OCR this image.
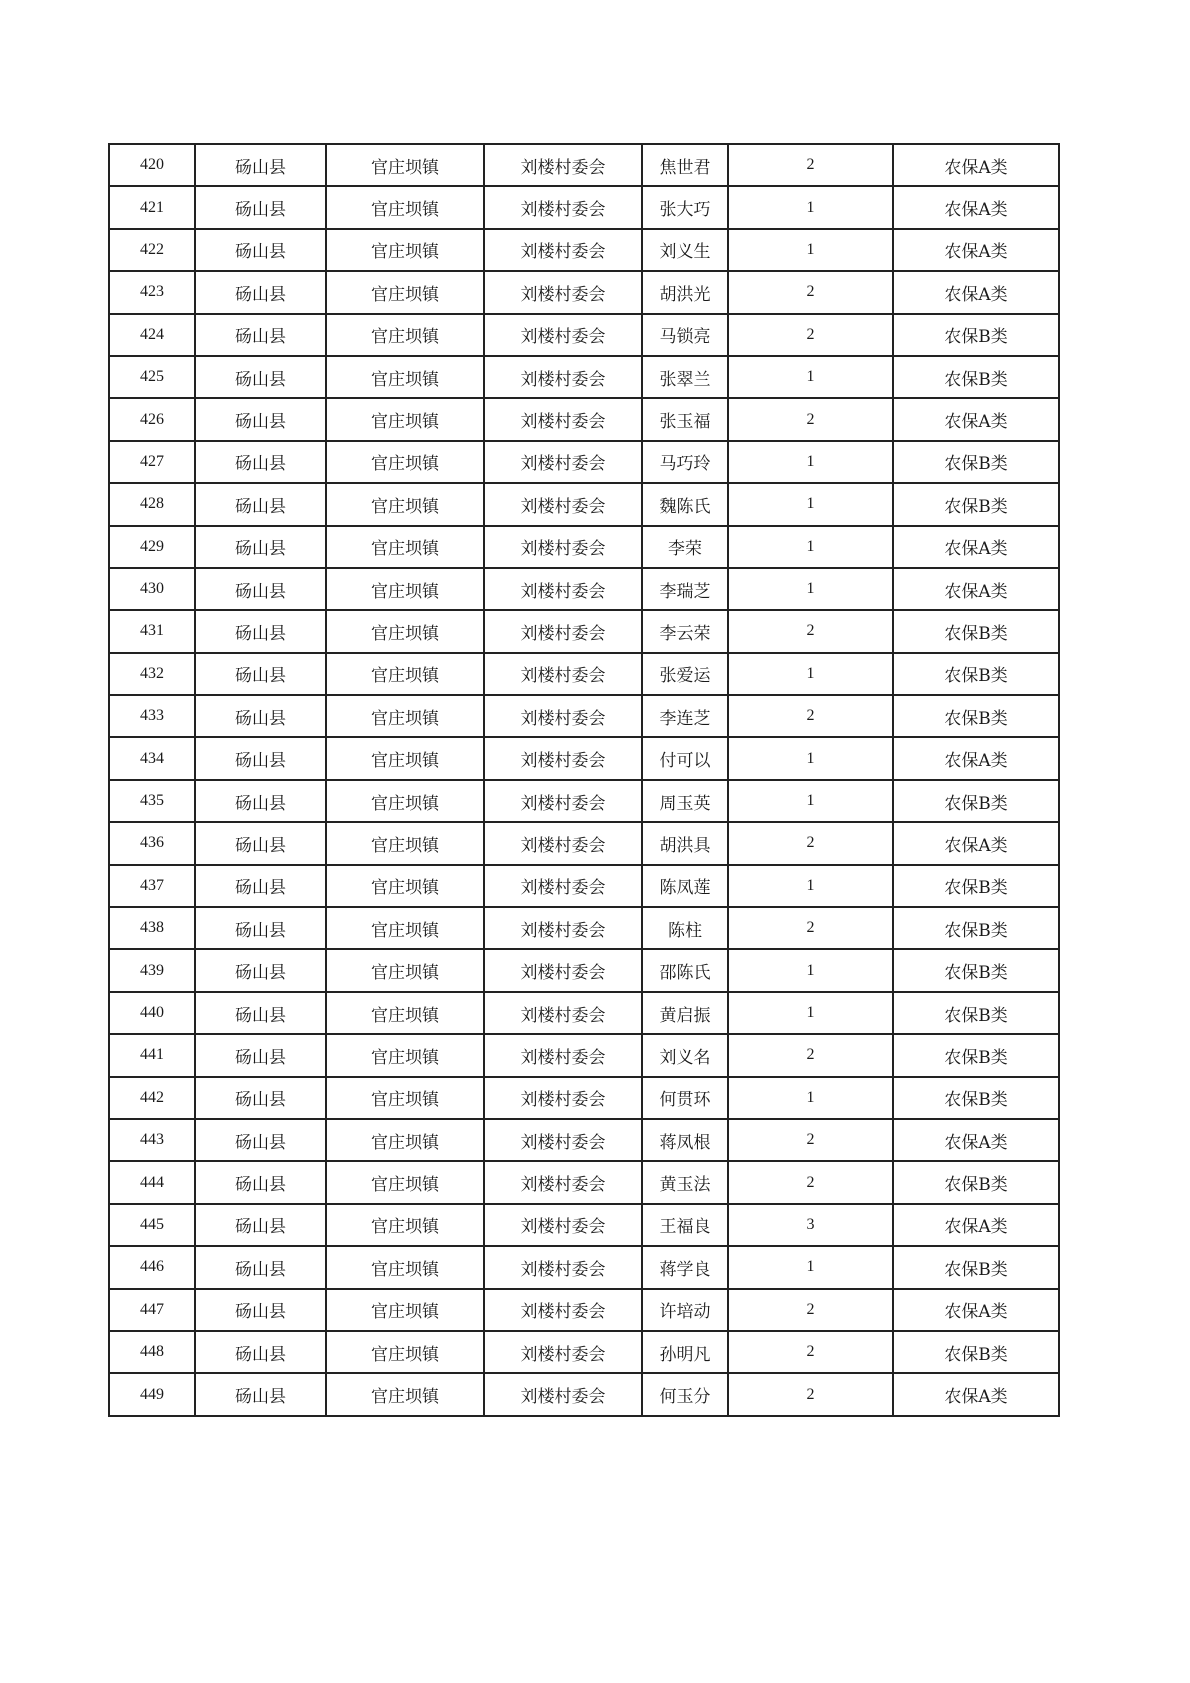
420	砀山县	官庄坝镇	刘楼村委会	焦世君	2	农保A类
421	砀山县	官庄坝镇	刘楼村委会	张大巧	1	农保A类
422	砀山县	官庄坝镇	刘楼村委会	刘义生	1	农保A类
423	砀山县	官庄坝镇	刘楼村委会	胡洪光	2	农保A类
424	砀山县	官庄坝镇	刘楼村委会	马锁亮	2	农保B类
425	砀山县	官庄坝镇	刘楼村委会	张翠兰	1	农保B类
426	砀山县	官庄坝镇	刘楼村委会	张玉福	2	农保A类
427	砀山县	官庄坝镇	刘楼村委会	马巧玲	1	农保B类
428	砀山县	官庄坝镇	刘楼村委会	魏陈氏	1	农保B类
429	砀山县	官庄坝镇	刘楼村委会	李荣	1	农保A类
430	砀山县	官庄坝镇	刘楼村委会	李瑞芝	1	农保A类
431	砀山县	官庄坝镇	刘楼村委会	李云荣	2	农保B类
432	砀山县	官庄坝镇	刘楼村委会	张爱运	1	农保B类
433	砀山县	官庄坝镇	刘楼村委会	李连芝	2	农保B类
434	砀山县	官庄坝镇	刘楼村委会	付可以	1	农保A类
435	砀山县	官庄坝镇	刘楼村委会	周玉英	1	农保B类
436	砀山县	官庄坝镇	刘楼村委会	胡洪具	2	农保A类
437	砀山县	官庄坝镇	刘楼村委会	陈凤莲	1	农保B类
438	砀山县	官庄坝镇	刘楼村委会	陈柱	2	农保B类
439	砀山县	官庄坝镇	刘楼村委会	邵陈氏	1	农保B类
440	砀山县	官庄坝镇	刘楼村委会	黄启振	1	农保B类
441	砀山县	官庄坝镇	刘楼村委会	刘义名	2	农保B类
442	砀山县	官庄坝镇	刘楼村委会	何贯环	1	农保B类
443	砀山县	官庄坝镇	刘楼村委会	蒋凤根	2	农保A类
444	砀山县	官庄坝镇	刘楼村委会	黄玉法	2	农保B类
445	砀山县	官庄坝镇	刘楼村委会	王福良	3	农保A类
446	砀山县	官庄坝镇	刘楼村委会	蒋学良	1	农保B类
447	砀山县	官庄坝镇	刘楼村委会	许培动	2	农保A类
448	砀山县	官庄坝镇	刘楼村委会	孙明凡	2	农保B类
449	砀山县	官庄坝镇	刘楼村委会	何玉分	2	农保A类
